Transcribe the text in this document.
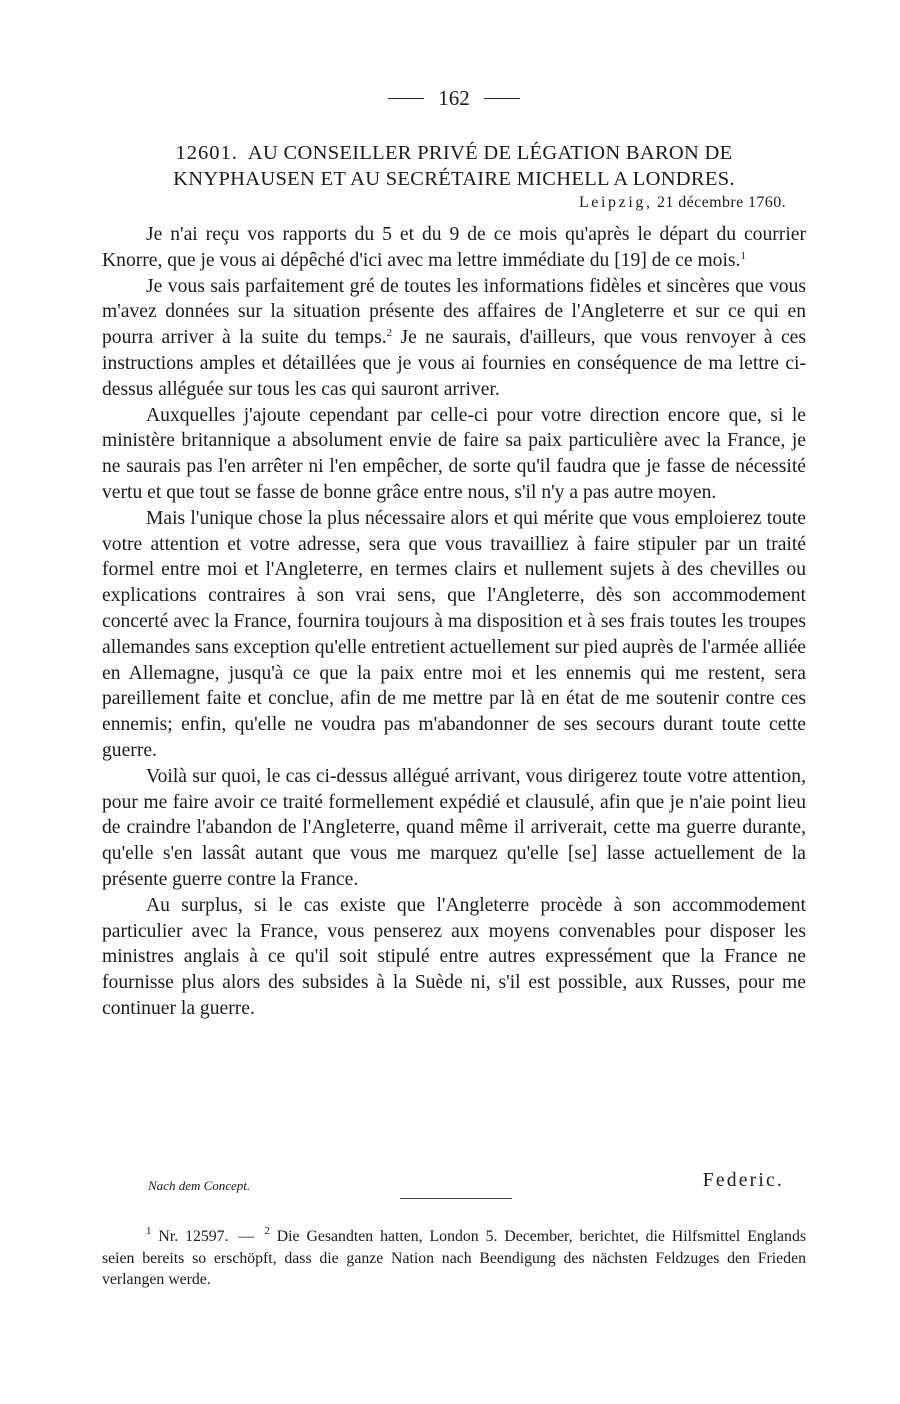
162
12601. AU CONSEILLER PRIVÉ DE LÉGATION BARON DE
KNYPHAUSEN ET AU SECRÉTAIRE MICHELL A LONDRES.
Leipzig, 21 décembre 1760.

Je n'ai reçu vos rapports du 5 et du 9 de ce mois qu'après le départ du courrier Knorre, que je vous ai dépêché d'ici avec ma lettre immédiate du [19] de ce mois.$^1$

Je vous sais parfaitement gré de toutes les informations fidèles et sincères que vous m'avez données sur la situation présente des affaires de l'Angleterre et sur ce qui en pourra arriver à la suite du temps.$^2$ Je ne saurais, d'ailleurs, que vous renvoyer à ces instructions amples et détaillées que je vous ai fournies en conséquence de ma lettre ci-dessus alléguée sur tous les cas qui sauront arriver.

Auxquelles j'ajoute cependant par celle-ci pour votre direction encore que, si le ministère britannique a absolument envie de faire sa paix particulière avec la France, je ne saurais pas l'en arrêter ni l'en empêcher, de sorte qu'il faudra que je fasse de nécessité vertu et que tout se fasse de bonne grâce entre nous, s'il n'y a pas autre moyen.

Mais l'unique chose la plus nécessaire alors et qui mérite que vous emploierez toute votre attention et votre adresse, sera que vous travailliez à faire stipuler par un traité formel entre moi et l'Angleterre, en termes clairs et nullement sujets à des chevilles ou explications contraires à son vrai sens, que l'Angleterre, dès son accommodement concerté avec la France, fournira toujours à ma disposition et à ses frais toutes les troupes allemandes sans exception qu'elle entretient actuellement sur pied auprès de l'armée alliée en Allemagne, jusqu'à ce que la paix entre moi et les ennemis qui me restent, sera pareillement faite et conclue, afin de me mettre par là en état de me soutenir contre ces ennemis; enfin, qu'elle ne voudra pas m'abandonner de ses secours durant toute cette guerre.

Voilà sur quoi, le cas ci-dessus allégué arrivant, vous dirigerez toute votre attention, pour me faire avoir ce traité formellement expédié et clausulé, afin que je n'aie point lieu de craindre l'abandon de l'Angleterre, quand même il arriverait, cette ma guerre durante, qu'elle s'en lassât autant que vous me marquez qu'elle [se] lasse actuellement de la présente guerre contre la France.

Au surplus, si le cas existe que l'Angleterre procède à son accommodement particulier avec la France, vous penserez aux moyens convenables pour disposer les ministres anglais à ce qu'il soit stipulé entre autres expressément que la France ne fournisse plus alors des subsides à la Suède ni, s'il est possible, aux Russes, pour me continuer la guerre.

Nach dem Concept.	Federic.

$^1$ Nr. 12597. — $^2$ Die Gesandten hatten, London 5. December, berichtet, die Hilfsmittel Englands seien bereits so erschöpft, dass die ganze Nation nach Beendigung des nächsten Feldzuges den Frieden verlangen werde.
